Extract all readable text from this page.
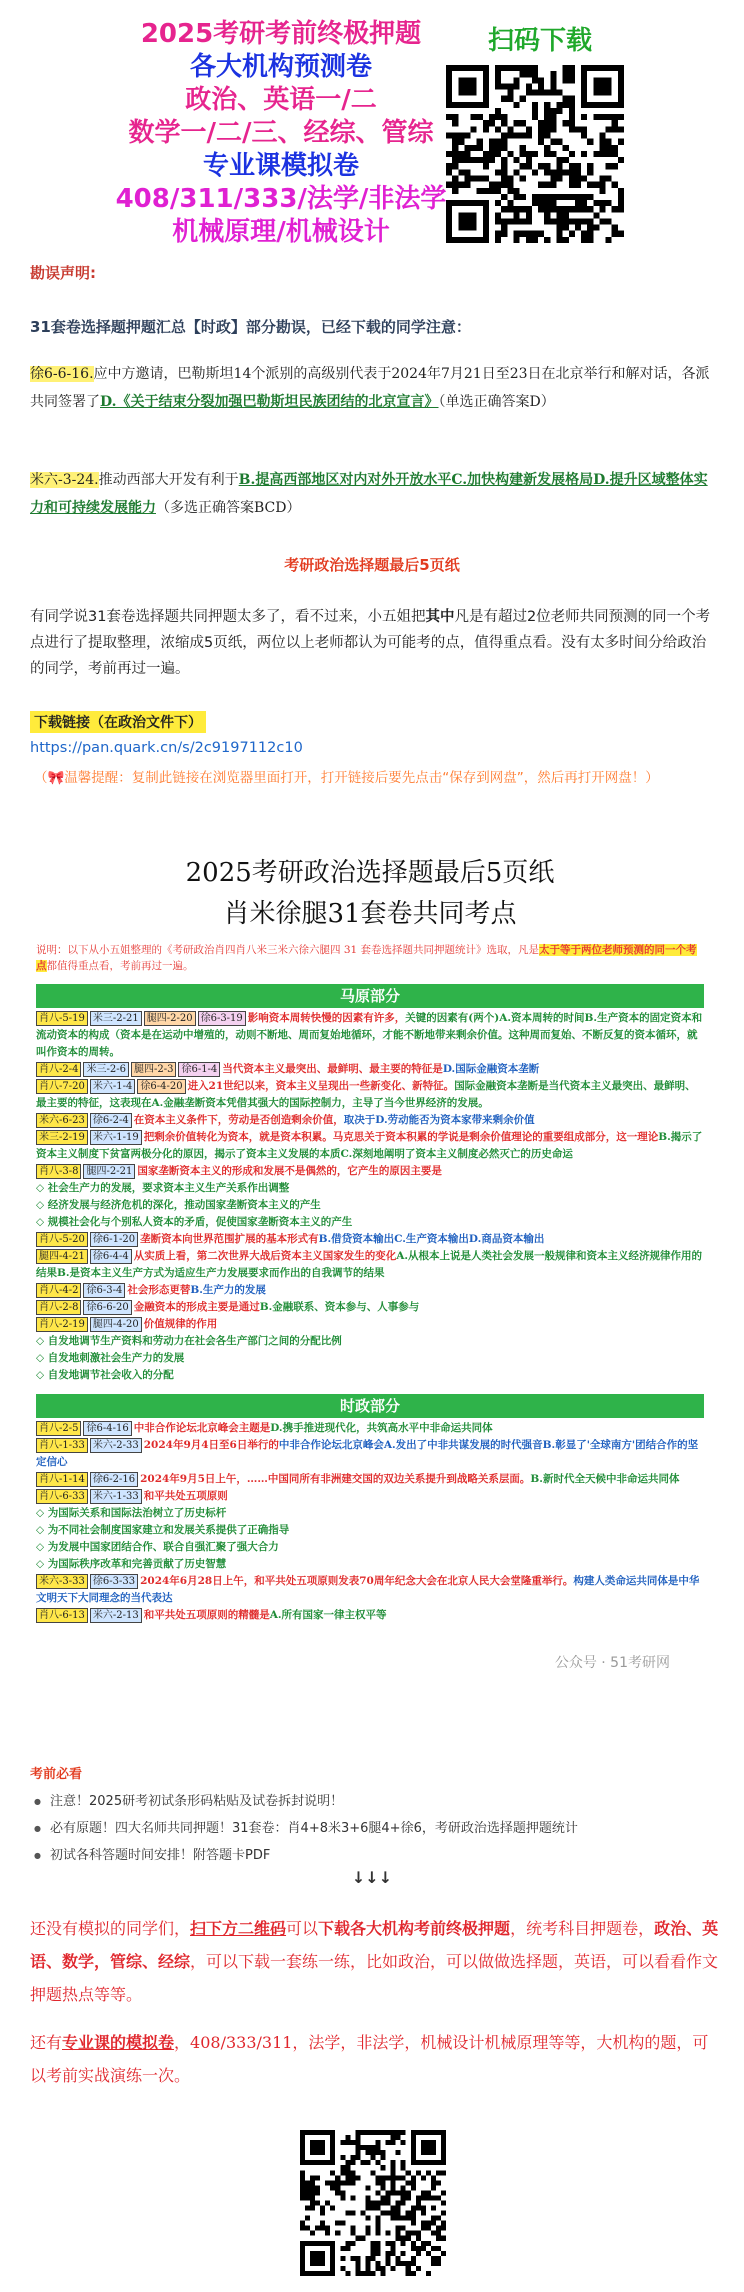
2025考研考前终极押题
各大机构预测卷
政治、英语一/二
数学一/二/三、经综、管综
专业课模拟卷
408/311/333/法学/非法学
机械原理/机械设计
扫码下载
勘误声明:
31套卷选择题押题汇总【时政】部分勘误，已经下载的同学注意：
徐6-6-16.应中方邀请，巴勒斯坦14个派别的高级别代表于2024年7月21日至23日在北京举行和解对话，各派共同签署了D.《关于结束分裂加强巴勒斯坦民族团结的北京宣言》（单选正确答案D）
米六-3-24.推动西部大开发有利于B.提高西部地区对内对外开放水平C.加快构建新发展格局D.提升区域整体实力和可持续发展能力（多选正确答案BCD）
考研政治选择题最后5页纸
有同学说31套卷选择题共同押题太多了，看不过来，小五姐把其中凡是有超过2位老师共同预测的同一个考点进行了提取整理，浓缩成5页纸，两位以上老师都认为可能考的点，值得重点看。没有太多时间分给政治的同学，考前再过一遍。
下载链接（在政治文件下）
https://pan.quark.cn/s/2c9197112c10
（🎀温馨提醒：复制此链接在浏览器里面打开，打开链接后要先点击“保存到网盘”，然后再打开网盘！）
2025考研政治选择题最后5页纸
肖米徐腿31套卷共同考点
说明：以下从小五姐整理的《考研政治肖四肖八米三米六徐六腿四 31 套卷选择题共同押题统计》选取，凡是太于等于两位老师预测的同一个考点都值得重点看，考前再过一遍。
马原部分
肖八-5-19 米三-2-21 腿四-2-20 徐6-3-19 影响资本周转快慢的因素有许多，关键的因素有(两个)A.资本周转的时间B.生产资本的固定资本和流动资本的构成（资本是在运动中增殖的，动则不断地、周而复始地循环，才能不断地带来剩余价值。这种周而复始、不断反复的资本循环，就叫作资本的周转。
肖八-2-4 米三-2-6 腿四-2-3 徐6-1-4 当代资本主义最突出、最鲜明、最主要的特征是D.国际金融资本垄断
肖八-7-20 米六-1-4 徐6-4-20 进入21世纪以来，资本主义呈现出一些新变化、新特征。国际金融资本垄断是当代资本主义最突出、最鲜明、最主要的特征，这表现在A.金融垄断资本凭借其强大的国际控制力，主导了当今世界经济的发展。
米六-6-23 徐6-2-4 在资本主义条件下，劳动是否创造剩余价值，取决于D.劳动能否为资本家带来剩余价值
米三-2-19 米六-1-19 把剩余价值转化为资本，就是资本积累。马克思关于资本积累的学说是剩余价值理论的重要组成部分，这一理论B.揭示了资本主义制度下贫富两极分化的原因，揭示了资本主义发展的本质C.深刻地阐明了资本主义制度必然灭亡的历史命运
肖八-3-8 腿四-2-21 国家垄断资本主义的形成和发展不是偶然的，它产生的原因主要是
◇ 社会生产力的发展，要求资本主义生产关系作出调整
◇ 经济发展与经济危机的深化，推动国家垄断资本主义的产生
◇ 规模社会化与个别私人资本的矛盾，促使国家垄断资本主义的产生
肖八-5-20 徐6-1-20 垄断资本向世界范围扩展的基本形式有B.借贷资本输出C.生产资本输出D.商品资本输出
腿四-4-21 徐6-4-4 从实质上看，第二次世界大战后资本主义国家发生的变化A.从根本上说是人类社会发展一般规律和资本主义经济规律作用的结果B.是资本主义生产方式为适应生产力发展要求而作出的自我调节的结果
肖八-4-2 徐6-3-4 社会形态更替B.生产力的发展
肖八-2-8 徐6-6-20 金融资本的形成主要是通过B.金融联系、资本参与、人事参与
肖八-2-19 腿四-4-20 价值规律的作用
◇ 自发地调节生产资料和劳动力在社会各生产部门之间的分配比例
◇ 自发地刺激社会生产力的发展
◇ 自发地调节社会收入的分配
时政部分
肖八-2-5 徐6-4-16 中非合作论坛北京峰会主题是D.携手推进现代化，共筑高水平中非命运共同体
肖八-1-33 米六-2-33 2024年9月4日至6日举行的中非合作论坛北京峰会A.发出了中非共谋发展的时代强音B.彰显了'全球南方'团结合作的坚定信心
肖八-1-14 徐6-2-16 2024年9月5日上午，……中国同所有非洲建交国的双边关系提升到战略关系层面。B.新时代全天候中非命运共同体
肖八-6-33 米六-1-33 和平共处五项原则
◇ 为国际关系和国际法治树立了历史标杆
◇ 为不同社会制度国家建立和发展关系提供了正确指导
◇ 为发展中国家团结合作、联合自强汇聚了强大合力
◇ 为国际秩序改革和完善贡献了历史智慧
米六-3-33 徐6-3-33 2024年6月28日上午，和平共处五项原则发表70周年纪念大会在北京人民大会堂隆重举行。构建人类命运共同体是中华文明天下大同理念的当代表达
肖八-6-13 米六-2-13 和平共处五项原则的精髓是A.所有国家一律主权平等
公众号 · 51考研网
考前必看
● 注意！2025研考初试条形码粘贴及试卷拆封说明！
● 必有原题！四大名师共同押题！31套卷：肖4+8米3+6腿4+徐6，考研政治选择题押题统计
● 初试各科答题时间安排！附答题卡PDF
↓↓↓
还没有模拟的同学们，扫下方二维码可以下载各大机构考前终极押题，统考科目押题卷，政治、英语、数学，管综、经综，可以下载一套练一练，比如政治，可以做做选择题，英语，可以看看作文押题热点等等。
还有专业课的模拟卷，408/333/311，法学，非法学，机械设计机械原理等等，大机构的题，可以考前实战演练一次。
